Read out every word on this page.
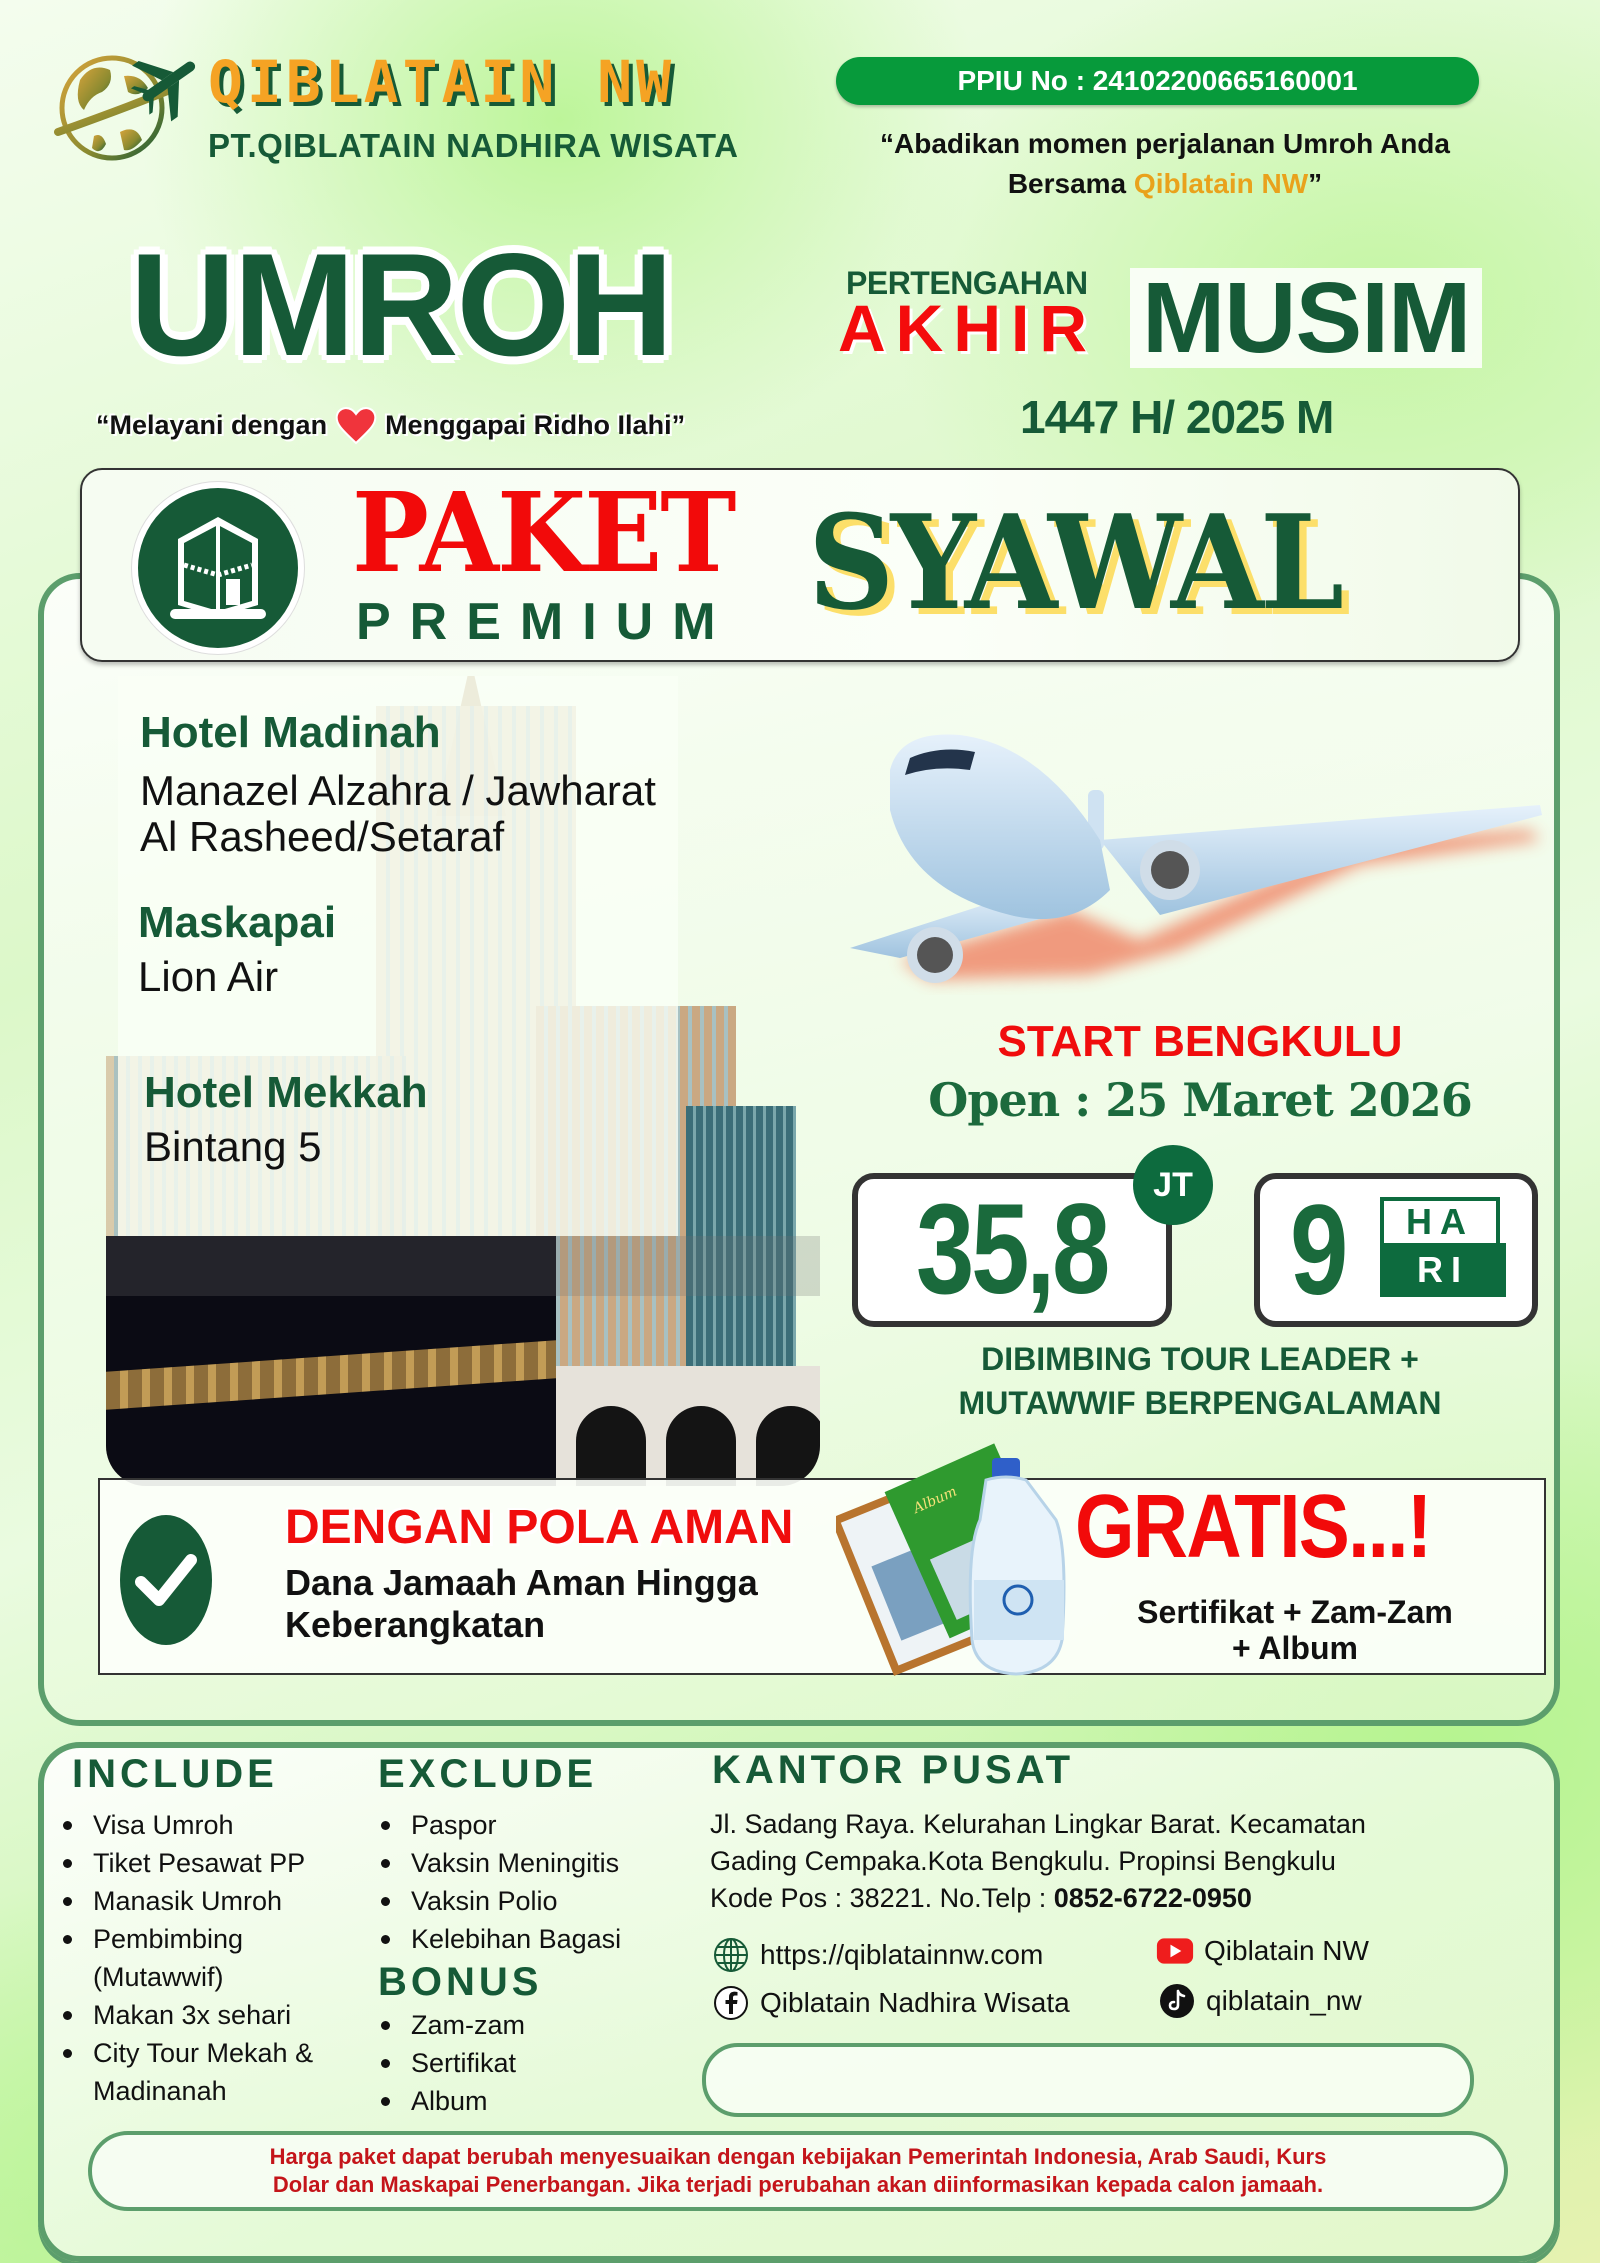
QIBLATAIN NW
PT.QIBLATAIN NADHIRA WISATA
PPIU No : 24102200665160001
“Abadikan momen perjalanan Umroh Anda
Bersama Qiblatain NW”
UMROH
“Melayani dengan Menggapai Ridho Ilahi”
PERTENGAHAN
AKHIR MUSIM
1447 H/ 2025 M
Hotel Madinah
Manazel Alzahra / Jawharat
Al Rasheed/Setaraf
Maskapai
Lion Air
Hotel Mekkah
Bintang 5
PAKET
PREMIUM SYAWAL
START BENGKULU
Open : 25 Maret 2026
35,8	JT 9	HA
RI
DIBIMBING TOUR LEADER +
MUTAWWIF BERPENGALAMAN
DENGAN POLA AMAN
Dana Jamaah Aman Hingga
Keberangkatan
Album GRATIS...!
Sertifikat + Zam-Zam
+ Album
INCLUDE
Visa Umroh
Tiket Pesawat PP
Manasik Umroh
Pembimbing (Mutawwif)
Makan 3x sehari
City Tour Mekah & Madinanah
EXCLUDE
Paspor
Vaksin Meningitis
Vaksin Polio
Kelebihan Bagasi
BONUS
Zam-zam
Sertifikat
Album
KANTOR PUSAT
Jl. Sadang Raya. Kelurahan Lingkar Barat. Kecamatan
Gading Cempaka.Kota Bengkulu. Propinsi Bengkulu
Kode Pos : 38221. No.Telp : 0852-6722-0950
https://qiblatainnw.com
Qiblatain Nadhira Wisata
Qiblatain NW
qiblatain_nw
Harga paket dapat berubah menyesuaikan dengan kebijakan Pemerintah Indonesia, Arab Saudi, Kurs
Dolar dan Maskapai Penerbangan. Jika terjadi perubahan akan diinformasikan kepada calon jamaah.
